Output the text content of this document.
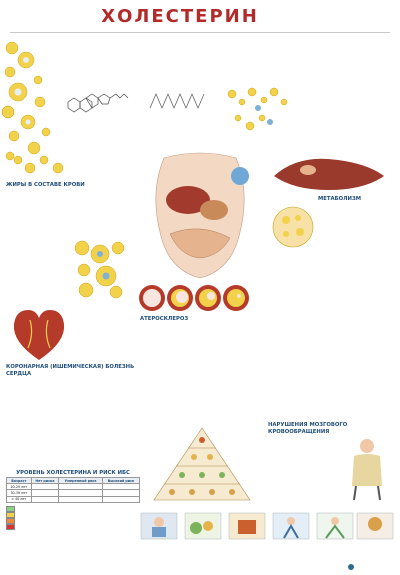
ХОЛЕСТЕРИН

ЖИРЫ В СОСТАВЕ КРОВИ

МЕТАБОЛИЗМ

КОРОНАРНАЯ (ИШЕМИЧЕСКАЯ) БОЛЕЗНЬ СЕРДЦА

АТЕРОСКЛЕРОЗ

НАРУШЕНИЯ МОЗГОВОГО КРОВООБРАЩЕНИЯ

УРОВЕНЬ ХОЛЕСТЕРИНА И РИСК ИБС

Возраст	Нет риска	Умеренный риск	Высокий риск
20-29 лет			
30-39 лет			
> 40 лет			
